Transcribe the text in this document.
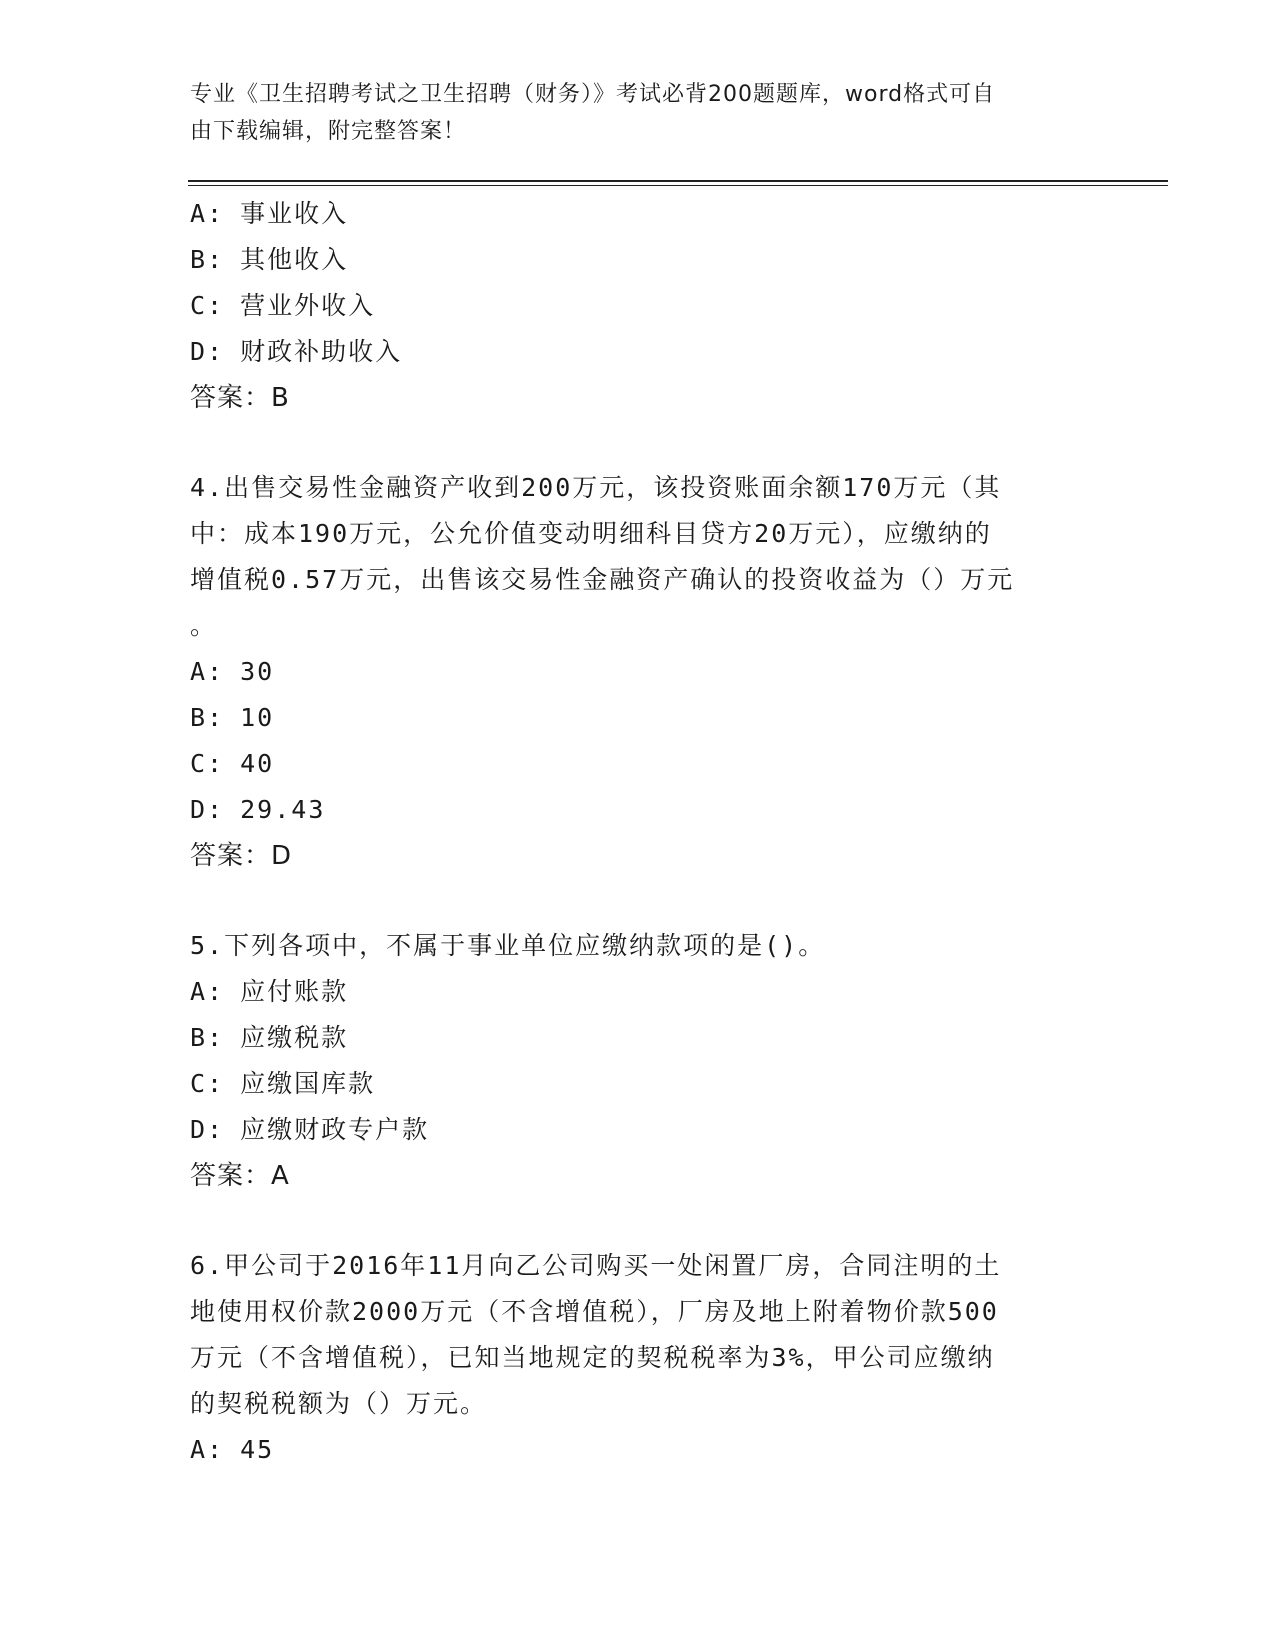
专业《卫生招聘考试之卫生招聘（财务）》考试必背200题题库，word格式可自
由下载编辑，附完整答案！
A: 事业收入
B: 其他收入
C: 营业外收入
D: 财政补助收入
答案：B
4.出售交易性金融资产收到200万元，该投资账面余额170万元（其
中：成本190万元，公允价值变动明细科目贷方20万元），应缴纳的
增值税0.57万元，出售该交易性金融资产确认的投资收益为（）万元
。
A: 30
B: 10
C: 40
D: 29.43
答案：D
5.下列各项中，不属于事业单位应缴纳款项的是()。
A: 应付账款
B: 应缴税款
C: 应缴国库款
D: 应缴财政专户款
答案：A
6.甲公司于2016年11月向乙公司购买一处闲置厂房，合同注明的土
地使用权价款2000万元（不含增值税），厂房及地上附着物价款500
万元（不含增值税），已知当地规定的契税税率为3%，甲公司应缴纳
的契税税额为（）万元。
A: 45
